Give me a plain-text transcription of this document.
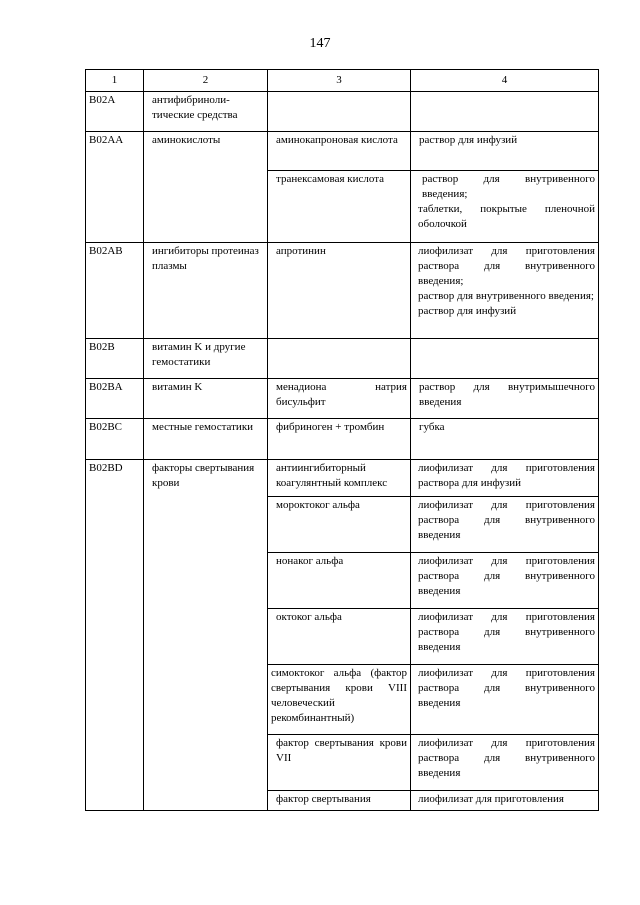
147
1	2	3	4
B02A	антифибриноли-
тические средства		

B02AA	аминокислоты	аминокапроновая кислота	раствор для инфузий

		транексамовая кислота	раствор для внутривенного введения;
таблетки, покрытые пленочной оболочкой

B02AB	ингибиторы протеиназ плазмы	апротинин	лиофилизат для приготовления раствора для внутривенного введения;
раствор для внутривенного введения;
раствор для инфузий

B02B	витамин K и другие гемостатики		
B02BA	витамин K	менадиона натрия бисульфит	раствор для внутримышечного введения

B02BC	местные гемостатики	фибриноген + тромбин	губка

B02BD	факторы свертывания крови	антиингибиторный коагулянтный комплекс	лиофилизат для приготовления раствора для инфузий

		мороктоког альфа	лиофилизат для приготовления раствора для внутривенного введения

		нонаког альфа	лиофилизат для приготовления раствора для внутривенного введения

		октоког альфа	лиофилизат для приготовления раствора для внутривенного введения

		симоктоког альфа (фактор свертывания крови VIII человеческий рекомбинантный)	лиофилизат для приготовления раствора для внутривенного введения

		фактор свертывания крови VII	лиофилизат для приготовления раствора для внутривенного введения

		фактор свертывания	лиофилизат для приготовления
